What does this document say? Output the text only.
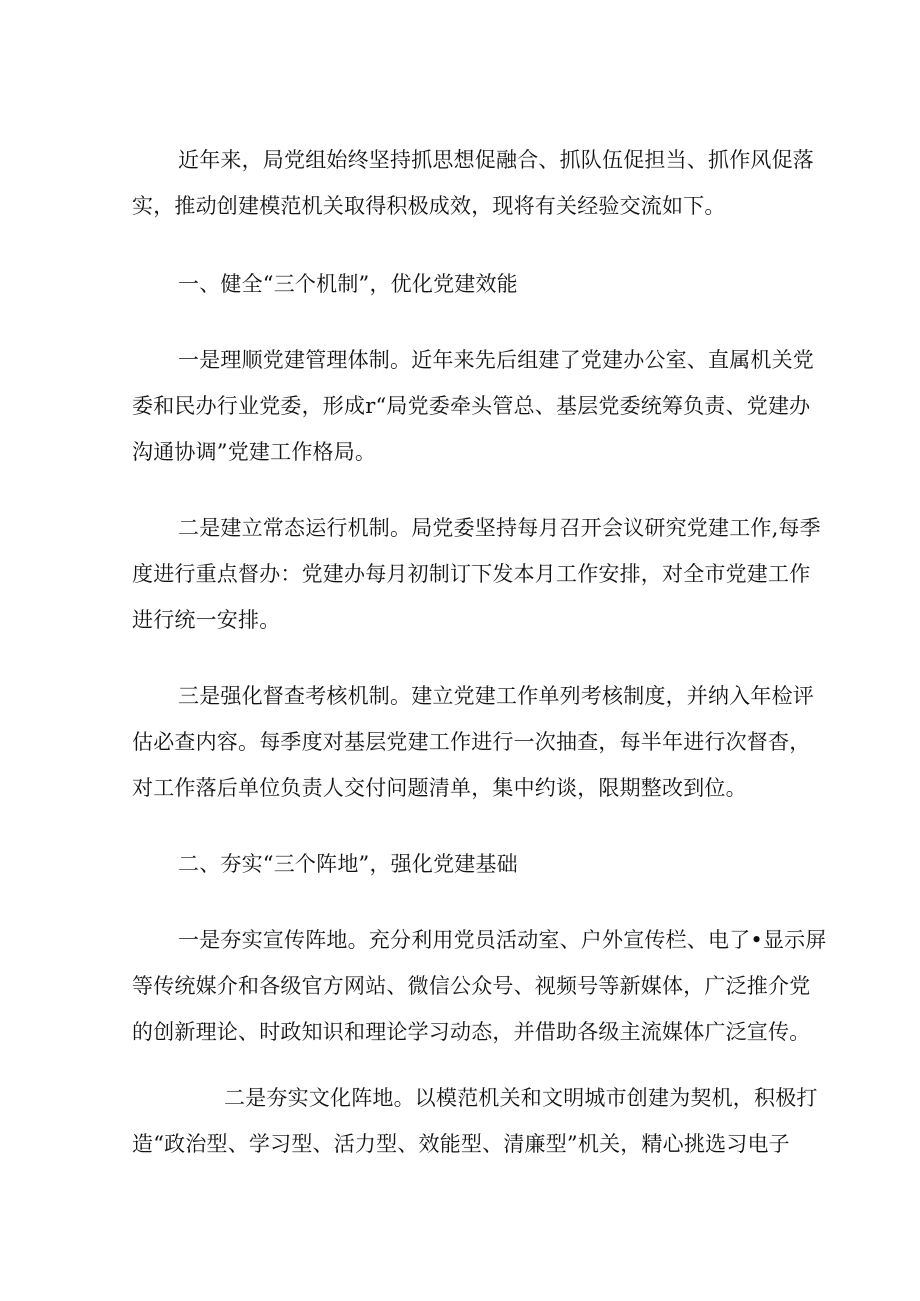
近年来，局党组始终坚持抓思想促融合、抓队伍促担当、抓作风促落
实，推动创建模范机关取得积极成效，现将有关经验交流如下。
一、健全“三个机制”，优化党建效能
一是理顺党建管理体制。近年来先后组建了党建办公室、直属机关党
委和民办行业党委，形成r“局党委牵头管总、基层党委统筹负责、党建办
沟通协调”党建工作格局。
二是建立常态运行机制。局党委坚持每月召开会议研究党建工作,每季
度进行重点督办：党建办每月初制订下发本月工作安排，对全市党建工作
进行统一安排。
三是强化督查考核机制。建立党建工作单列考核制度，并纳入年检评
估必查内容。每季度对基层党建工作进行一次抽查，每半年进行次督杳，
对工作落后单位负责人交付问题清单，集中约谈，限期整改到位。
二、夯实“三个阵地”，强化党建基础
一是夯实宣传阵地。充分利用党员活动室、户外宣传栏、电了•显示屏
等传统媒介和各级官方网站、微信公众号、视频号等新媒体，广泛推介党
的创新理论、时政知识和理论学习动态，并借助各级主流媒体广泛宣传。
二是夯实文化阵地。以模范机关和文明城市创建为契机，积极打
造“政治型、学习型、活力型、效能型、清廉型”机关，精心挑选习电子
